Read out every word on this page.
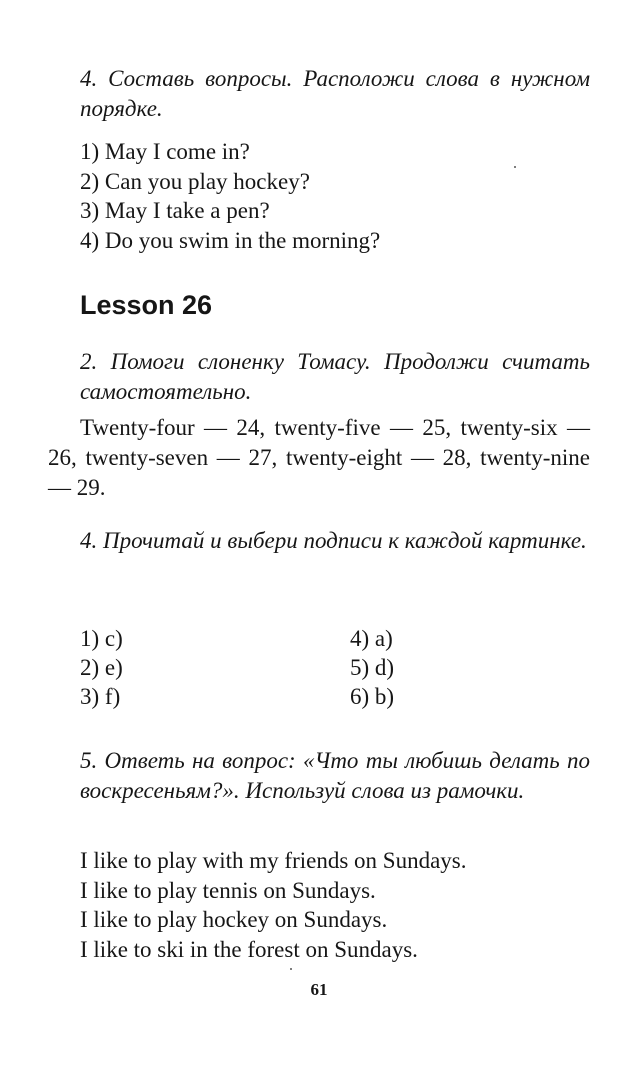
4. Составь вопросы. Расположи слова в нужном порядке.
1) May I come in?
2) Can you play hockey?
3) May I take a pen?
4) Do you swim in the morning?
Lesson 26
2. Помоги слоненку Томасу. Продолжи считать самостоятельно.
Twenty-four — 24, twenty-five — 25, twenty-six — 26, twenty-seven — 27, twenty-eight — 28, twenty-nine — 29.
4. Прочитай и выбери подписи к каждой картинке.
1) c)
2) e)
3) f)
4) a)
5) d)
6) b)
5. Ответь на вопрос: «Что ты любишь делать по воскресеньям?». Используй слова из рамочки.
I like to play with my friends on Sundays.
I like to play tennis on Sundays.
I like to play hockey on Sundays.
I like to ski in the forest on Sundays.
61
